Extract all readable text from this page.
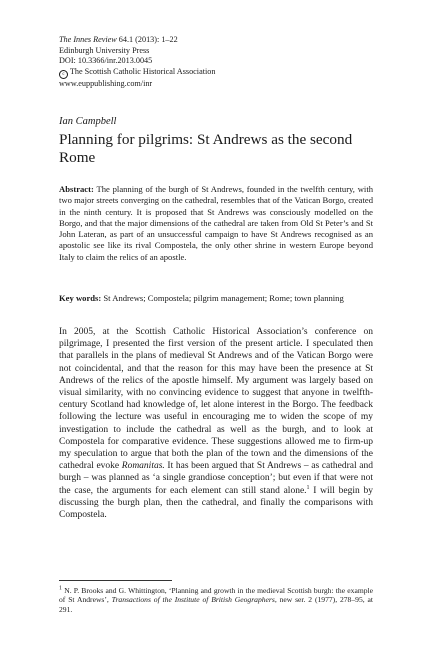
The Innes Review 64.1 (2013): 1–22
Edinburgh University Press
DOI: 10.3366/inr.2013.0045
c The Scottish Catholic Historical Association
www.euppublishing.com/inr
Ian Campbell
Planning for pilgrims: St Andrews as the second Rome
Abstract: The planning of the burgh of St Andrews, founded in the twelfth century, with two major streets converging on the cathedral, resembles that of the Vatican Borgo, created in the ninth century. It is proposed that St Andrews was consciously modelled on the Borgo, and that the major dimensions of the cathedral are taken from Old St Peter’s and St John Lateran, as part of an unsuccessful campaign to have St Andrews recognised as an apostolic see like its rival Compostela, the only other shrine in western Europe beyond Italy to claim the relics of an apostle.
Key words: St Andrews; Compostela; pilgrim management; Rome; town planning
In 2005, at the Scottish Catholic Historical Association’s conference on pilgrimage, I presented the first version of the present article. I speculated then that parallels in the plans of medieval St Andrews and of the Vatican Borgo were not coincidental, and that the reason for this may have been the presence at St Andrews of the relics of the apostle himself. My argument was largely based on visual similarity, with no convincing evidence to suggest that anyone in twelfth-century Scotland had knowledge of, let alone interest in the Borgo. The feedback following the lecture was useful in encouraging me to widen the scope of my investigation to include the cathedral as well as the burgh, and to look at Compostela for comparative evidence. These suggestions allowed me to firm-up my speculation to argue that both the plan of the town and the dimensions of the cathedral evoke Romanitas. It has been argued that St Andrews – as cathedral and burgh – was planned as ‘a single grandiose conception’; but even if that were not the case, the arguments for each element can still stand alone.$^1$ I will begin by discussing the burgh plan, then the cathedral, and finally the comparisons with Compostela.
$^1$ N. P. Brooks and G. Whittington, ‘Planning and growth in the medieval Scottish burgh: the example of St Andrews’, Transactions of the Institute of British Geographers, new ser. 2 (1977), 278–95, at 291.
